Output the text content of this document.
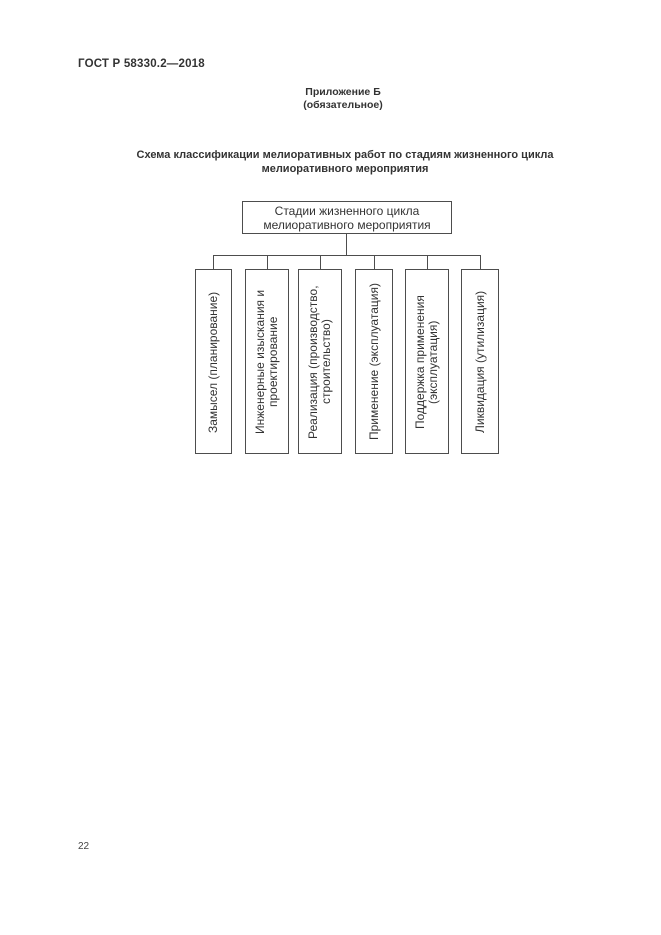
ГОСТ Р 58330.2—2018
Приложение Б
(обязательное)
Схема классификации мелиоративных работ по стадиям жизненного цикла мелиоративного мероприятия
Стадии жизненного цикла мелиоративного мероприятия
Замысел (планирование)	Инженерные изыскания и проектирование Реализация (производство, строительство)	Применение (эксплуатация)	Поддержка применения (эксплуатация)	Ликвидация (утилизация)
22
